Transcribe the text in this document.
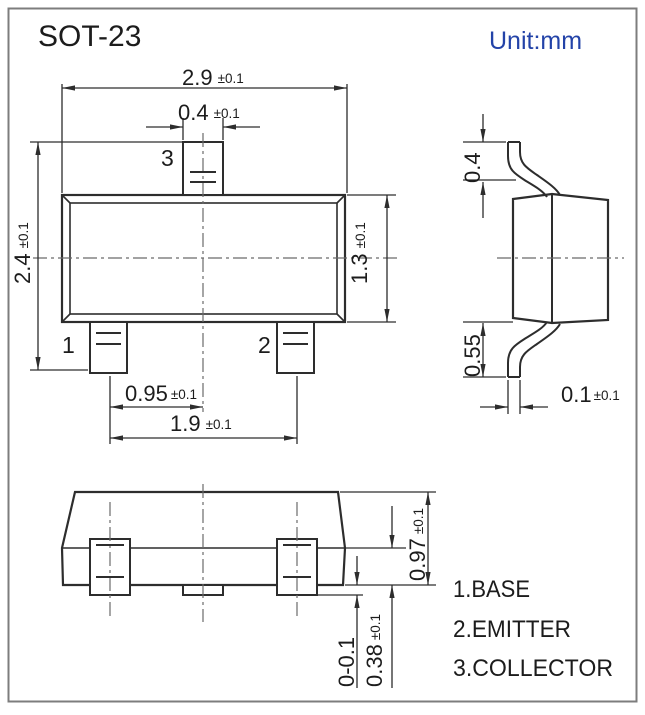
SOT-23	Unit:mm
1	2
3
2.9 ±0.1
0.4 ±0.1
2.4±0.1
1.3±0.1
0.95 ±0.1
1.9 ±0.1
0.4
0.55
0.1 ±0.1
0.97±0.1
0.38±0.1
0-0.1
1.BASE
2.EMITTER
3.COLLECTOR
